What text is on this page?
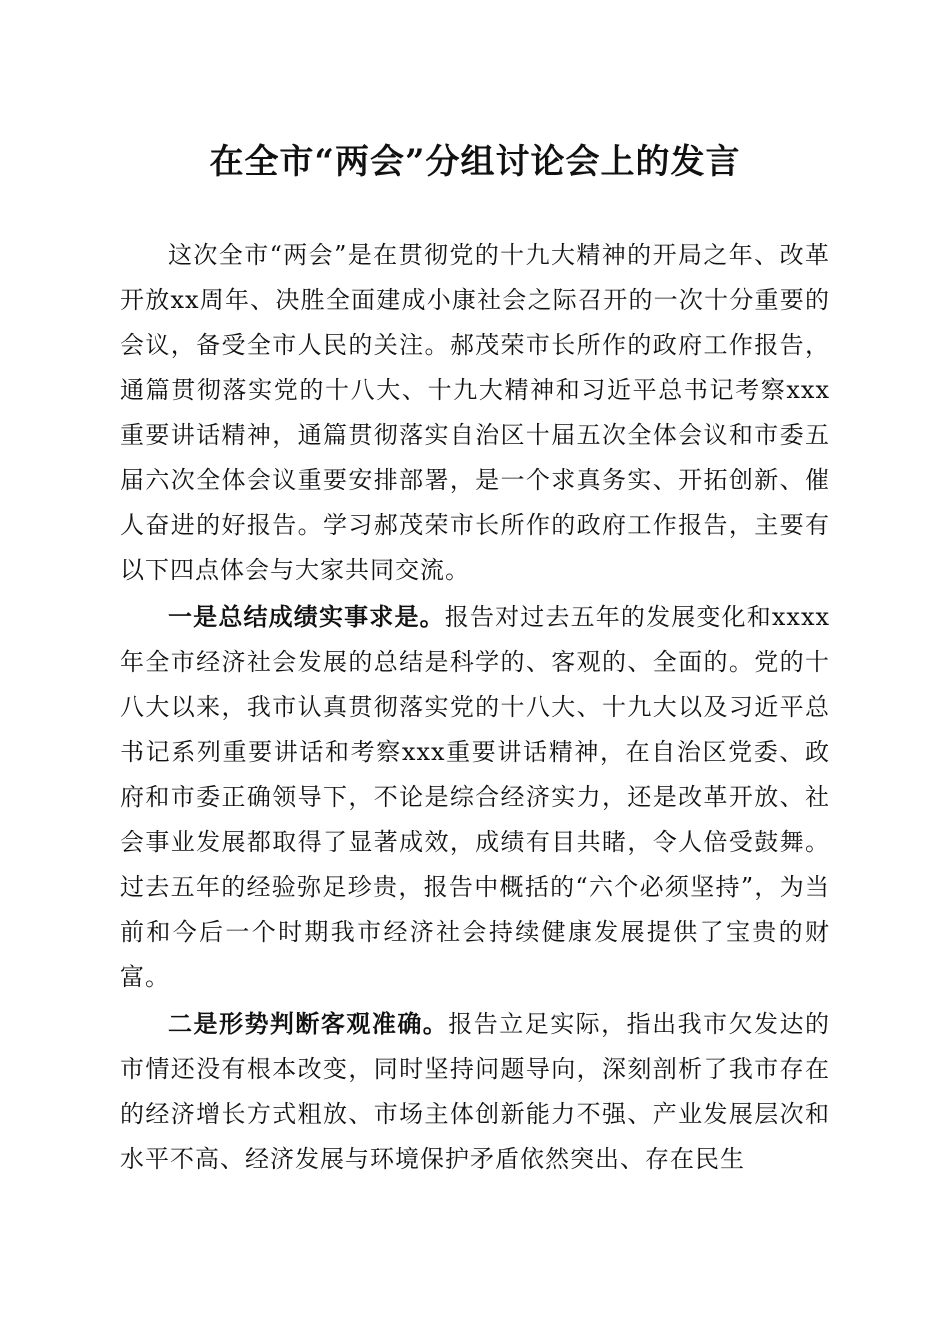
在全市“两会”分组讨论会上的发言

这次全市“两会”是在贯彻党的十九大精神的开局之年、改革开放xx周年、决胜全面建成小康社会之际召开的一次十分重要的会议，备受全市人民的关注。郝茂荣市长所作的政府工作报告，通篇贯彻落实党的十八大、十九大精神和习近平总书记考察xxx重要讲话精神，通篇贯彻落实自治区十届五次全体会议和市委五届六次全体会议重要安排部署，是一个求真务实、开拓创新、催人奋进的好报告。学习郝茂荣市长所作的政府工作报告，主要有以下四点体会与大家共同交流。

一是总结成绩实事求是。报告对过去五年的发展变化和xxxx年全市经济社会发展的总结是科学的、客观的、全面的。党的十八大以来，我市认真贯彻落实党的十八大、十九大以及习近平总书记系列重要讲话和考察xxx重要讲话精神，在自治区党委、政府和市委正确领导下，不论是综合经济实力，还是改革开放、社会事业发展都取得了显著成效，成绩有目共睹，令人倍受鼓舞。过去五年的经验弥足珍贵，报告中概括的“六个必须坚持”，为当前和今后一个时期我市经济社会持续健康发展提供了宝贵的财富。

二是形势判断客观准确。报告立足实际，指出我市欠发达的市情还没有根本改变，同时坚持问题导向，深刻剖析了我市存在的经济增长方式粗放、市场主体创新能力不强、产业发展层次和水平不高、经济发展与环境保护矛盾依然突出、存在民生
